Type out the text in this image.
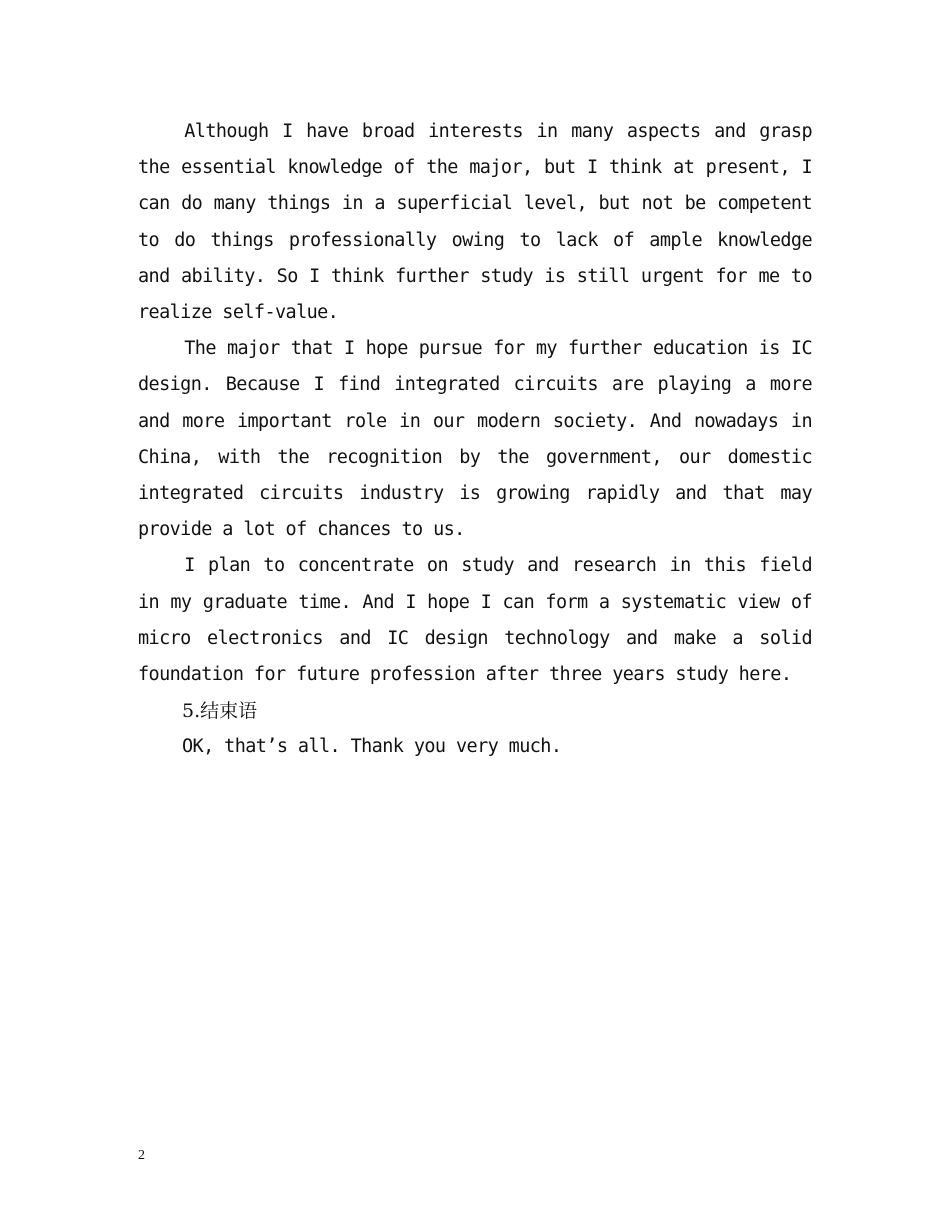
Although I have broad interests in many aspects and grasp the essential knowledge of the major, but I think at present, I can do many things in a superficial level, but not be competent to do things professionally owing to lack of ample knowledge and ability. So I think further study is still urgent for me to realize self-value.

The major that I hope pursue for my further education is IC design. Because I find integrated circuits are playing a more and more important role in our modern society. And nowadays in China, with the recognition by the government, our domestic integrated circuits industry is growing rapidly and that may provide a lot of chances to us.

I plan to concentrate on study and research in this field in my graduate time. And I hope I can form a systematic view of micro electronics and IC design technology and make a solid foundation for future profession after three years study here.

5.结束语

OK, that’s all. Thank you very much.

2
